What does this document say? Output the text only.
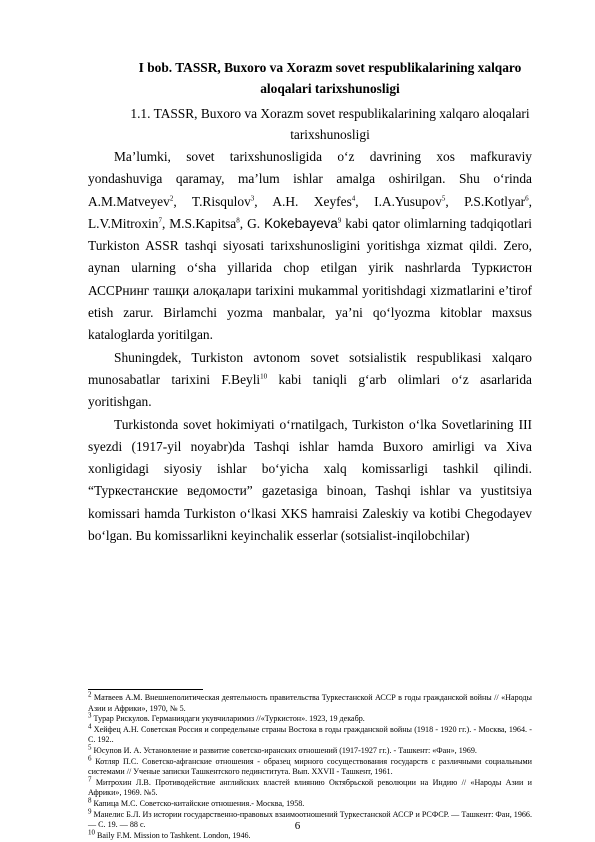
I bob. TASSR, Buxoro va Xorazm sovet respublikalarining xalqaro
aloqalari tarixshunosligi
1.1. TASSR, Buxoro va Xorazm sovet respublikalarining xalqaro aloqalari
tarixshunosligi

Ma’lumki, sovet tarixshunosligida o‘z davrining xos mafkuraviy yondashuviga qaramay, ma’lum ishlar amalga oshirilgan. Shu o‘rinda A.M.Matveyev$^2$, T.Risqulov$^3$, A.H. Xeyfes$^4$, I.A.Yusupov$^5$, P.S.Kotlyar$^6$, L.V.Mitroxin$^7$, M.S.Kapitsa$^8$, G. Kokebayeva$^9$ kabi qator olimlarning tadqiqotlari Turkiston ASSR tashqi siyosati tarixshunosligini yoritishga xizmat qildi. Zero, aynan ularning o‘sha yillarida chop etilgan yirik nashrlarda Туркистон АССРнинг ташқи алоқалари tarixini mukammal yoritishdagi xizmatlarini e’tirof etish zarur. Birlamchi yozma manbalar, ya’ni qo‘lyozma kitoblar maxsus kataloglarda yoritilgan.

Shuningdek, Turkiston avtonom sovet sotsialistik respublikasi xalqaro munosabatlar tarixini F.Beyli$^{10}$ kabi taniqli g‘arb olimlari o‘z asarlarida yoritishgan.

Turkistonda sovet hokimiyati o‘rnatilgach, Turkiston o‘lka Sovetlarining III syezdi (1917-yil noyabr)da Tashqi ishlar hamda Buxoro amirligi va Xiva xonligidagi siyosiy ishlar bo‘yicha xalq komissarligi tashkil qilindi. “Туркестанские ведомости” gazetasiga binoan, Tashqi ishlar va yustitsiya komissari hamda Turkiston o‘lkasi XKS hamraisi Zaleskiy va kotibi Chegodayev bo‘lgan. Bu komissarlikni keyinchalik esserlar (sotsialist-inqilobchilar)

$^2$ Матвеев А.М. Внешнеполитическая деятельность правительства Туркестанской АССР в годы гражданской войны // «Народы Азии и Африки», 1970, № 5.

$^3$ Турар Рискулов. Германиядаги укувчиларимиз //«Туркистон». 1923, 19 декабр.

$^4$ Хейфец А.Н. Советская Россия и сопредельные страны Востока в годы гражданской войны (1918 - 1920 гг.). - Москва, 1964. - С. 192..

$^5$ Юсупов И. А. Установление и развитие советско-иранских отношений (1917-1927 гг.). - Ташкент: «Фан», 1969.

$^6$ Котляр П.С. Советско-афганские отношения - образец мирного сосуществования государств с различными социальными системами // Ученые записки Ташкентского пединститута. Вып. XXVII - Ташкент, 1961.

$^7$ Митрохин Л.В. Противодействие английских властей влиянию Октябрьской революции на Индию // «Народы Азии и Африки», 1969. №5.

$^8$ Капица М.С. Советско-китайские отношения.- Москва, 1958.

$^9$ Манелис Б.Л. Из истории государственно-правовых взаимоотношений Туркестанской АССР и РСФСР. — Ташкент: Фан, 1966. — С. 19. — 88 с.

$^{10}$ Baily F.M. Mission to Tashkent. London, 1946.

6
